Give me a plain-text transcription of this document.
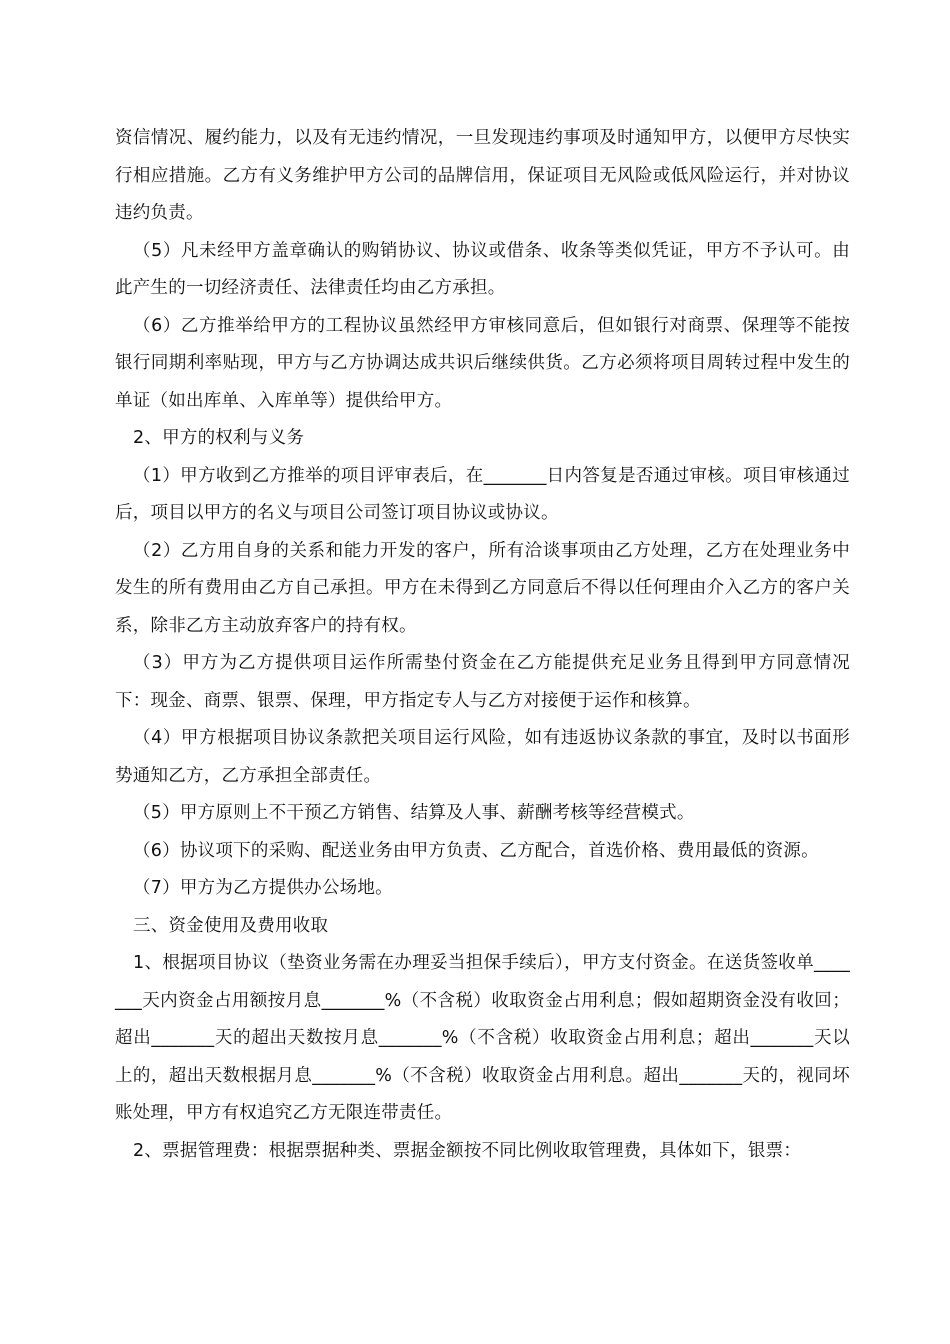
资信情况、履约能力，以及有无违约情况，一旦发现违约事项及时通知甲方，以便甲方尽快实行相应措施。乙方有义务维护甲方公司的品牌信用，保证项目无风险或低风险运行，并对协议违约负责。

（5）凡未经甲方盖章确认的购销协议、协议或借条、收条等类似凭证，甲方不予认可。由此产生的一切经济责任、法律责任均由乙方承担。

（6）乙方推举给甲方的工程协议虽然经甲方审核同意后，但如银行对商票、保理等不能按银行同期利率贴现，甲方与乙方协调达成共识后继续供货。乙方必须将项目周转过程中发生的单证（如出库单、入库单等）提供给甲方。

2、甲方的权利与义务

（1）甲方收到乙方推举的项目评审表后，在_______日内答复是否通过审核。项目审核通过后，项目以甲方的名义与项目公司签订项目协议或协议。

（2）乙方用自身的关系和能力开发的客户，所有洽谈事项由乙方处理，乙方在处理业务中发生的所有费用由乙方自己承担。甲方在未得到乙方同意后不得以任何理由介入乙方的客户关系，除非乙方主动放弃客户的持有权。

（3）甲方为乙方提供项目运作所需垫付资金在乙方能提供充足业务且得到甲方同意情况下：现金、商票、银票、保理，甲方指定专人与乙方对接便于运作和核算。

（4）甲方根据项目协议条款把关项目运行风险，如有违返协议条款的事宜，及时以书面形势通知乙方，乙方承担全部责任。

（5）甲方原则上不干预乙方销售、结算及人事、薪酬考核等经营模式。

（6）协议项下的采购、配送业务由甲方负责、乙方配合，首选价格、费用最低的资源。

（7）甲方为乙方提供办公场地。

三、资金使用及费用收取

1、根据项目协议（垫资业务需在办理妥当担保手续后），甲方支付资金。在送货签收单_______天内资金占用额按月息_______%（不含税）收取资金占用利息；假如超期资金没有收回；超出_______天的超出天数按月息_______%（不含税）收取资金占用利息；超出_______天以上的，超出天数根据月息_______%（不含税）收取资金占用利息。超出_______天的，视同坏账处理，甲方有权追究乙方无限连带责任。

2、票据管理费：根据票据种类、票据金额按不同比例收取管理费，具体如下，银票：
